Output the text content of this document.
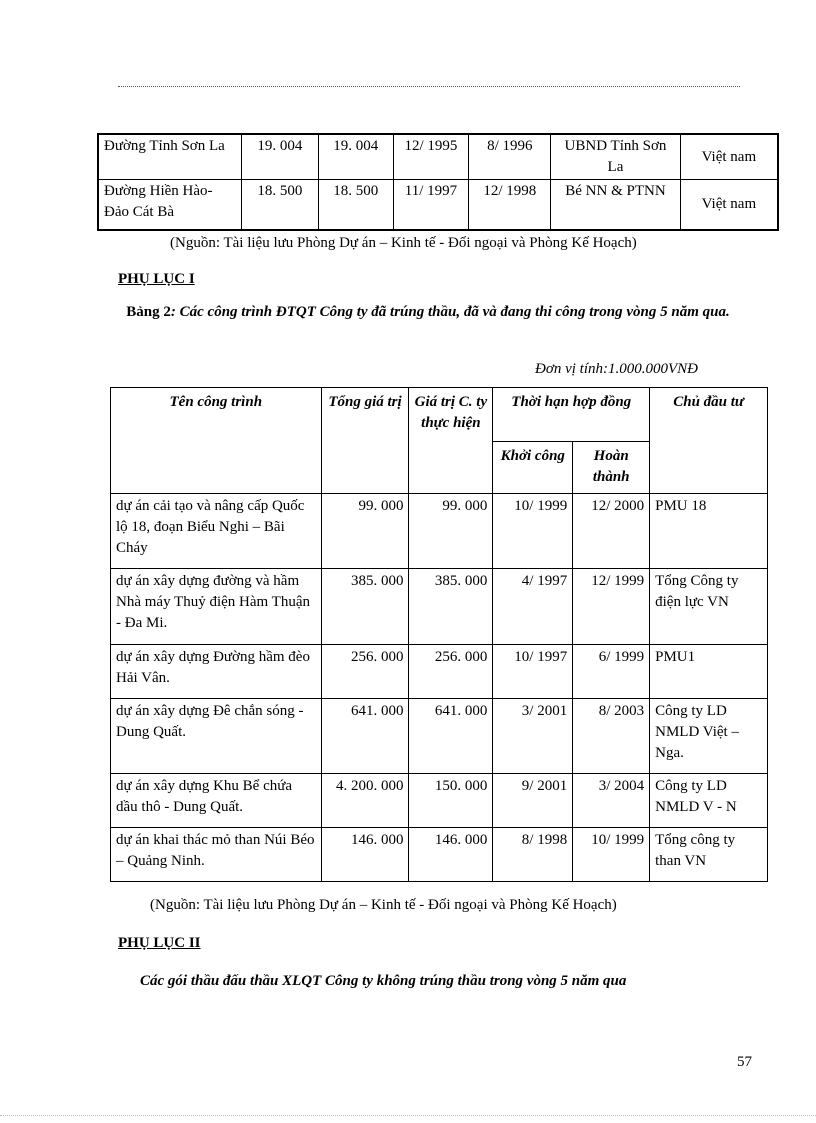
Đường Tỉnh Sơn La	19. 004	19. 004	12/ 1995	8/ 1996	UBND Tỉnh Sơn La	Việt nam
Đường Hiền Hào- Đảo Cát Bà	18. 500	18. 500	11/ 1997	12/ 1998	Bé NN & PTNN	Việt nam
(Nguồn: Tài liệu lưu Phòng Dự án – Kinh tế - Đối ngoại và Phòng Kế Hoạch)
PHỤ LỤC I
Bảng 2: Các công trình ĐTQT Công ty đã trúng thầu, đã và đang thi công trong vòng 5 năm qua.
Đơn vị tính:1.000.000VNĐ
Tên công trình	Tổng giá trị	Giá trị C. ty thực hiện	Thời hạn hợp đồng		Chủ đầu tư
			Khởi công	Hoàn thành	
dự án cải tạo và nâng cấp Quốc lộ 18, đoạn Biểu Nghi – Bãi Cháy	99. 000	99. 000	10/ 1999	12/ 2000	PMU 18
dự án xây dựng đường và hầm Nhà máy Thuỷ điện Hàm Thuận - Đa Mi.	385. 000	385. 000	4/ 1997	12/ 1999	Tổng Công ty điện lực VN
dự án xây dựng Đường hầm đèo Hải Vân.	256. 000	256. 000	10/ 1997	6/ 1999	PMU1
dự án xây dựng Đê chắn sóng - Dung Quất.	641. 000	641. 000	3/ 2001	8/ 2003	Công ty LD NMLD Việt – Nga.
dự án xây dựng Khu Bể chứa dầu thô - Dung Quất.	4. 200. 000	150. 000	9/ 2001	3/ 2004	Công ty LD NMLD V - N
dự án khai thác mỏ than Núi Béo – Quảng Ninh.	146. 000	146. 000	8/ 1998	10/ 1999	Tổng công ty than VN
(Nguồn: Tài liệu lưu Phòng Dự án – Kinh tế - Đối ngoại và Phòng Kế Hoạch)
PHỤ LỤC II
Các gói thầu đấu thầu XLQT Công ty không trúng thầu trong vòng 5 năm qua
57
